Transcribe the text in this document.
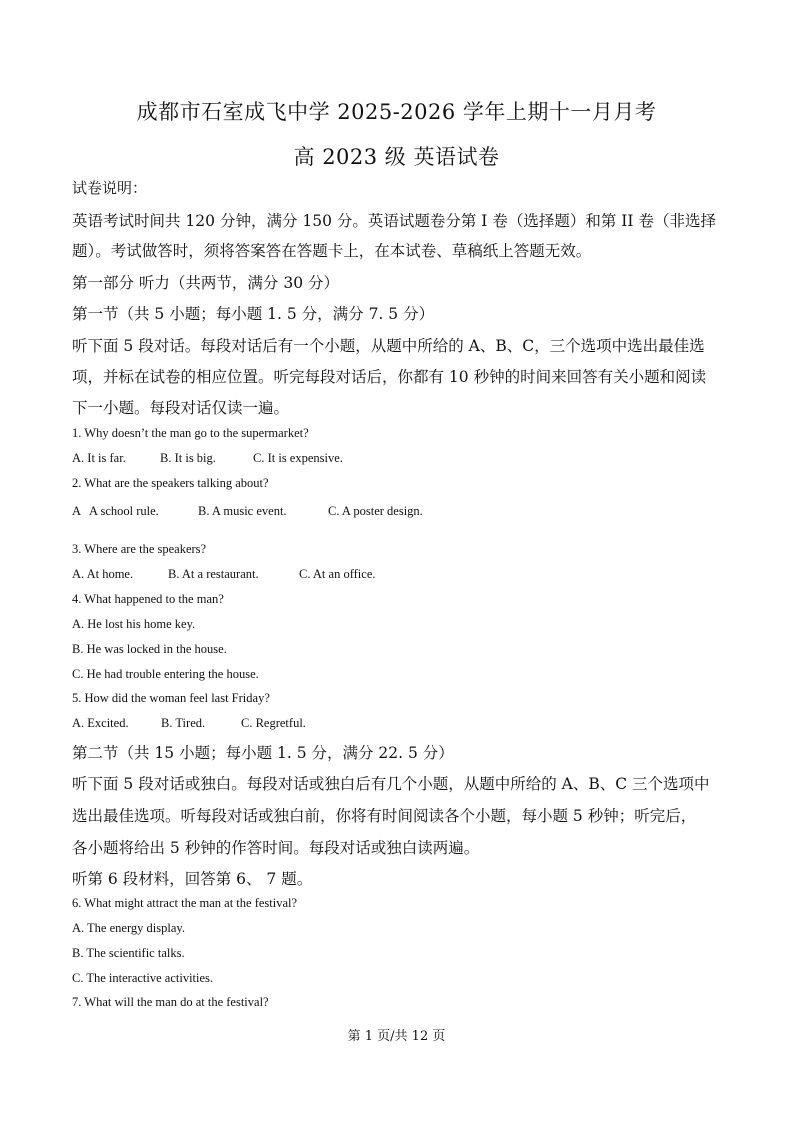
成都市石室成飞中学 2025-2026 学年上期十一月月考
高 2023 级 英语试卷
试卷说明：
英语考试时间共 120 分钟，满分 150 分。英语试题卷分第 I 卷（选择题）和第 II 卷（非选择
题）。考试做答时，须将答案答在答题卡上，在本试卷、草稿纸上答题无效。
第一部分 听力（共两节，满分 30 分）
第一节（共 5 小题；每小题 1. 5 分，满分 7. 5 分）
听下面 5 段对话。每段对话后有一个小题，从题中所给的 A、B、C，三个选项中选出最佳选
项，并标在试卷的相应位置。听完每段对话后，你都有 10 秒钟的时间来回答有关小题和阅读
下一小题。每段对话仅读一遍。
1. Why doesn’t the man go to the supermarket?
A. It is far.	B. It is big.	C. It is expensive.
2. What are the speakers talking about?
A   A school rule.	B. A music event.	C. A poster design.
3. Where are the speakers?
A. At home.	B. At a restaurant.	C. At an office.
4. What happened to the man?
A. He lost his home key.
B. He was locked in the house.
C. He had trouble entering the house.
5. How did the woman feel last Friday?
A. Excited.	B. Tired.	C. Regretful.
第二节（共 15 小题；每小题 1. 5 分，满分 22. 5 分）
听下面 5 段对话或独白。每段对话或独白后有几个小题，从题中所给的 A、B、C 三个选项中
选出最佳选项。听每段对话或独白前，你将有时间阅读各个小题，每小题 5 秒钟；听完后，
各小题将给出 5 秒钟的作答时间。每段对话或独白读两遍。
听第 6 段材料，回答第 6、 7 题。
6. What might attract the man at the festival?
A. The energy display.
B. The scientific talks.
C. The interactive activities.
7. What will the man do at the festival?
第 1 页/共 12 页
